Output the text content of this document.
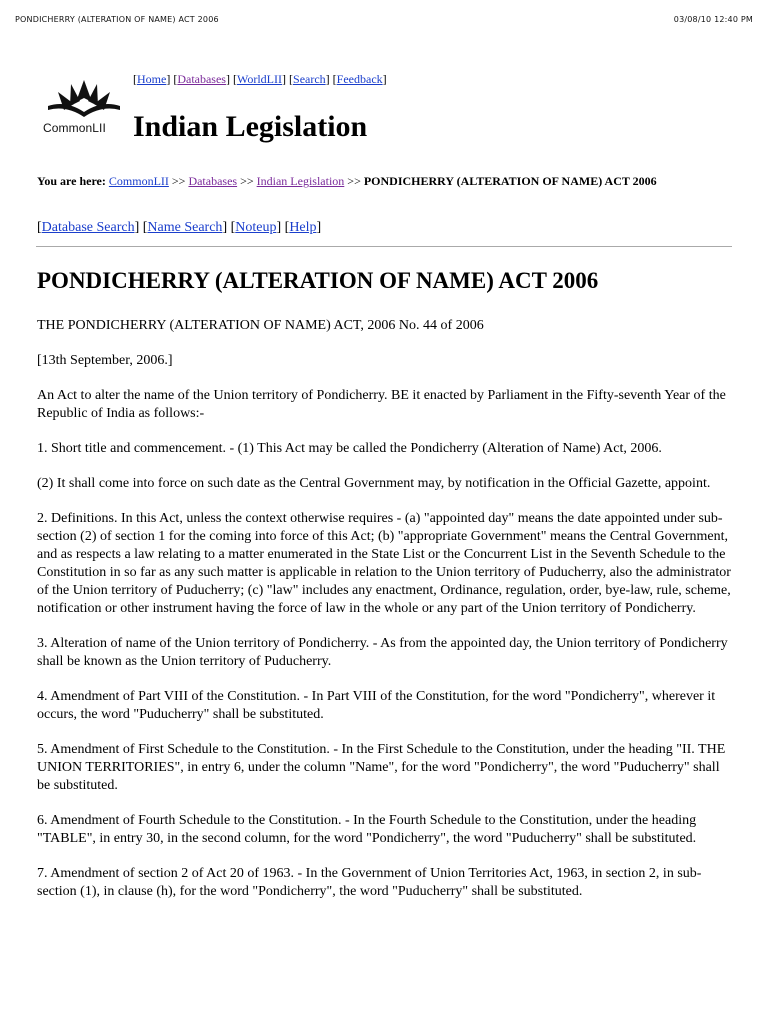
PONDICHERRY (ALTERATION OF NAME) ACT 2006	03/08/10 12:40 PM
CommonLII
[Home] [Databases] [WorldLII] [Search] [Feedback]
Indian Legislation
You are here: CommonLII >> Databases >> Indian Legislation >> PONDICHERRY (ALTERATION OF NAME) ACT 2006
[Database Search] [Name Search] [Noteup] [Help]
PONDICHERRY (ALTERATION OF NAME) ACT 2006

THE PONDICHERRY (ALTERATION OF NAME) ACT, 2006 No. 44 of 2006

[13th September, 2006.]

An Act to alter the name of the Union territory of Pondicherry. BE it enacted by Parliament in the Fifty-seventh Year of the Republic of India as follows:-

1. Short title and commencement. - (1) This Act may be called the Pondicherry (Alteration of Name) Act, 2006.

(2) It shall come into force on such date as the Central Government may, by notification in the Official Gazette, appoint.

2. Definitions. In this Act, unless the context otherwise requires - (a) "appointed day" means the date appointed under sub-section (2) of section 1 for the coming into force of this Act; (b) "appropriate Government" means the Central Government, and as respects a law relating to a matter enumerated in the State List or the Concurrent List in the Seventh Schedule to the Constitution in so far as any such matter is applicable in relation to the Union territory of Puducherry, also the administrator of the Union territory of Puducherry; (c) "law" includes any enactment, Ordinance, regulation, order, bye-law, rule, scheme, notification or other instrument having the force of law in the whole or any part of the Union territory of Pondicherry.

3. Alteration of name of the Union territory of Pondicherry. - As from the appointed day, the Union territory of Pondicherry shall be known as the Union territory of Puducherry.

4. Amendment of Part VIII of the Constitution. - In Part VIII of the Constitution, for the word "Pondicherry", wherever it occurs, the word "Puducherry" shall be substituted.

5. Amendment of First Schedule to the Constitution. - In the First Schedule to the Constitution, under the heading "II. THE UNION TERRITORIES", in entry 6, under the column "Name", for the word "Pondicherry", the word "Puducherry" shall be substituted.

6. Amendment of Fourth Schedule to the Constitution. - In the Fourth Schedule to the Constitution, under the heading "TABLE", in entry 30, in the second column, for the word "Pondicherry", the word "Puducherry" shall be substituted.

7. Amendment of section 2 of Act 20 of 1963. - In the Government of Union Territories Act, 1963, in section 2, in sub-section (1), in clause (h), for the word "Pondicherry", the word "Puducherry" shall be substituted.
